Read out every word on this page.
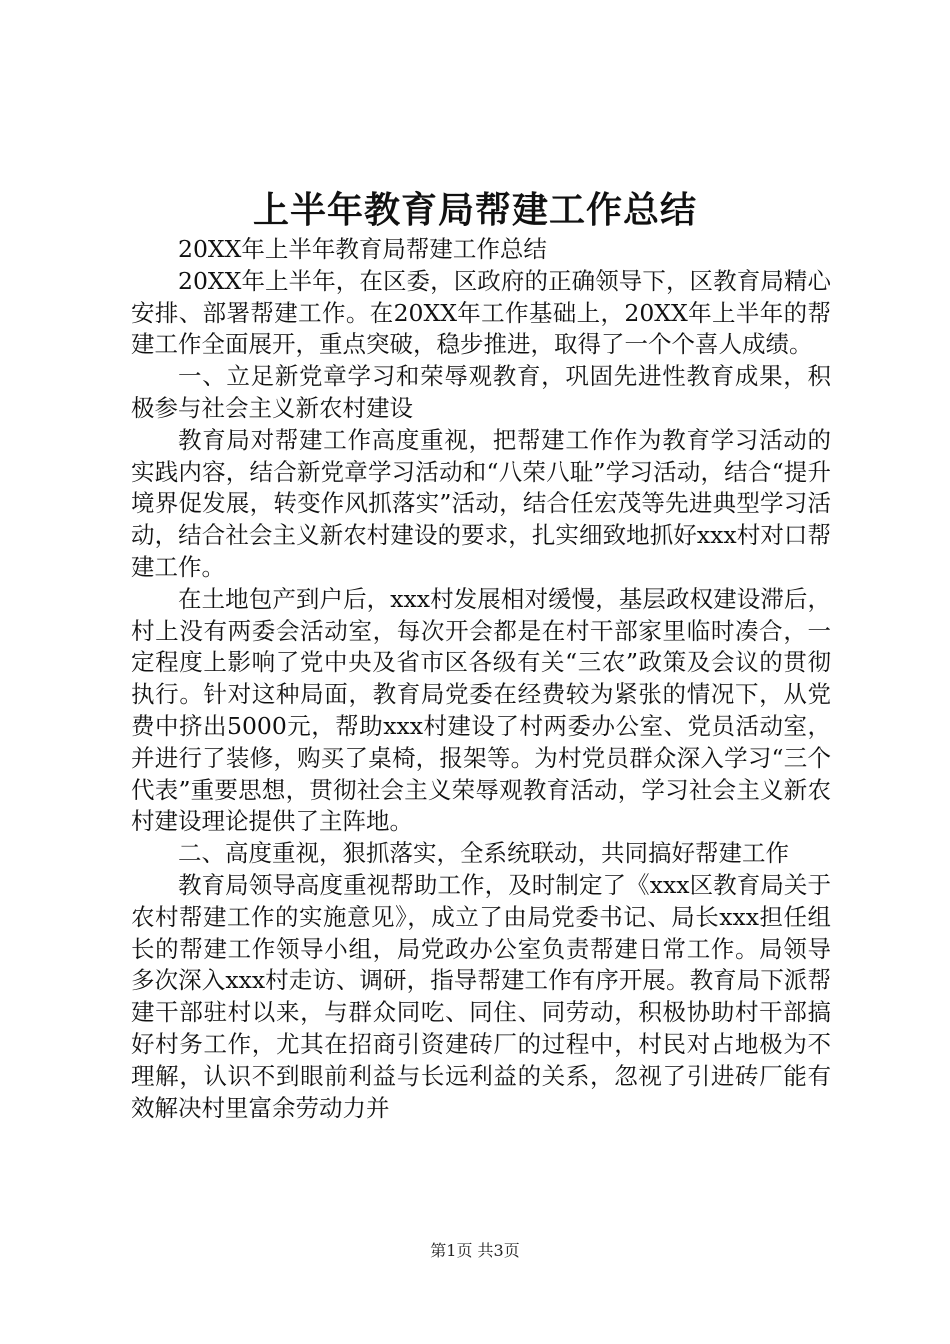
上半年教育局帮建工作总结

20XX年上半年教育局帮建工作总结

20XX年上半年，在区委，区政府的正确领导下，区教育局精心安排、部署帮建工作。在20XX年工作基础上，20XX年上半年的帮建工作全面展开，重点突破，稳步推进，取得了一个个喜人成绩。

一、立足新党章学习和荣辱观教育，巩固先进性教育成果，积极参与社会主义新农村建设

教育局对帮建工作高度重视，把帮建工作作为教育学习活动的实践内容，结合新党章学习活动和“八荣八耻”学习活动，结合“提升境界促发展，转变作风抓落实”活动，结合任宏茂等先进典型学习活动，结合社会主义新农村建设的要求，扎实细致地抓好xxx村对口帮建工作。

在土地包产到户后，xxx村发展相对缓慢，基层政权建设滞后，村上没有两委会活动室，每次开会都是在村干部家里临时凑合，一定程度上影响了党中央及省市区各级有关“三农”政策及会议的贯彻执行。针对这种局面，教育局党委在经费较为紧张的情况下，从党费中挤出5000元，帮助xxx村建设了村两委办公室、党员活动室，并进行了装修，购买了桌椅，报架等。为村党员群众深入学习“三个代表”重要思想，贯彻社会主义荣辱观教育活动，学习社会主义新农村建设理论提供了主阵地。

二、高度重视，狠抓落实，全系统联动，共同搞好帮建工作

教育局领导高度重视帮助工作，及时制定了《xxx区教育局关于农村帮建工作的实施意见》，成立了由局党委书记、局长xxx担任组长的帮建工作领导小组，局党政办公室负责帮建日常工作。局领导多次深入xxx村走访、调研，指导帮建工作有序开展。教育局下派帮建干部驻村以来，与群众同吃、同住、同劳动，积极协助村干部搞好村务工作，尤其在招商引资建砖厂的过程中，村民对占地极为不理解，认识不到眼前利益与长远利益的关系，忽视了引进砖厂能有效解决村里富余劳动力并

第1页 共3页
